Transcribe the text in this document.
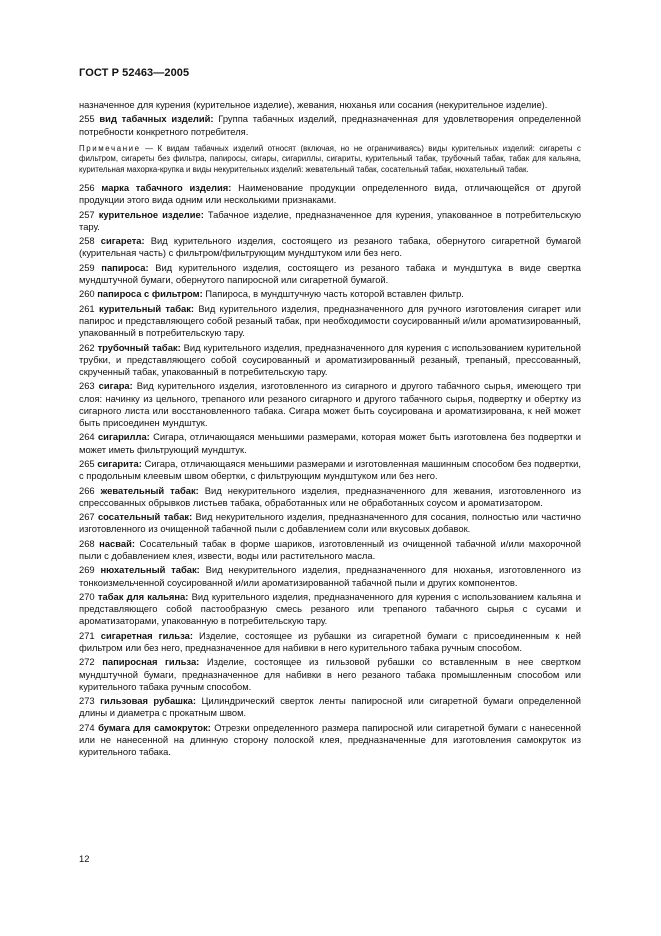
ГОСТ Р 52463—2005

назначенное для курения (курительное изделие), жевания, нюханья или сосания (некурительное изделие).

255 вид табачных изделий: Группа табачных изделий, предназначенная для удовлетворения определенной потребности конкретного потребителя.

Примечание — К видам табачных изделий относят (включая, но не ограничиваясь) виды курительных изделий: сигареты с фильтром, сигареты без фильтра, папиросы, сигары, сигариллы, сигариты, курительный табак, трубочный табак, табак для кальяна, курительная махорка-крупка и виды некурительных изделий: жевательный табак, сосательный табак, нюхательный табак.

256 марка табачного изделия: Наименование продукции определенного вида, отличающейся от другой продукции этого вида одним или несколькими признаками.

257 курительное изделие: Табачное изделие, предназначенное для курения, упакованное в потребительскую тару.

258 сигарета: Вид курительного изделия, состоящего из резаного табака, обернутого сигаретной бумагой (курительная часть) с фильтром/фильтрующим мундштуком или без него.

259 папироса: Вид курительного изделия, состоящего из резаного табака и мундштука в виде свертка мундштучной бумаги, обернутого папиросной или сигаретной бумагой.

260 папироса с фильтром: Папироса, в мундштучную часть которой вставлен фильтр.

261 курительный табак: Вид курительного изделия, предназначенного для ручного изготовления сигарет или папирос и представляющего собой резаный табак, при необходимости соусированный и/или ароматизированный, упакованный в потребительскую тару.

262 трубочный табак: Вид курительного изделия, предназначенного для курения с использованием курительной трубки, и представляющего собой соусированный и ароматизированный резаный, трепаный, прессованный, скрученный табак, упакованный в потребительскую тару.

263 сигара: Вид курительного изделия, изготовленного из сигарного и другого табачного сырья, имеющего три слоя: начинку из цельного, трепаного или резаного сигарного и другого табачного сырья, подвертку и обертку из сигарного листа или восстановленного табака. Сигара может быть соусирована и ароматизирована, к ней может быть присоединен мундштук.

264 сигарилла: Сигара, отличающаяся меньшими размерами, которая может быть изготовлена без подвертки и может иметь фильтрующий мундштук.

265 сигарита: Сигара, отличающаяся меньшими размерами и изготовленная машинным способом без подвертки, с продольным клеевым швом обертки, с фильтрующим мундштуком или без него.

266 жевательный табак: Вид некурительного изделия, предназначенного для жевания, изготовленного из спрессованных обрывков листьев табака, обработанных или не обработанных соусом и ароматизатором.

267 сосательный табак: Вид некурительного изделия, предназначенного для сосания, полностью или частично изготовленного из очищенной табачной пыли с добавлением соли или вкусовых добавок.

268 насвай: Сосательный табак в форме шариков, изготовленный из очищенной табачной и/или махорочной пыли с добавлением клея, извести, воды или растительного масла.

269 нюхательный табак: Вид некурительного изделия, предназначенного для нюханья, изготовленного из тонкоизмельченной соусированной и/или ароматизированной табачной пыли и других компонентов.

270 табак для кальяна: Вид курительного изделия, предназначенного для курения с использованием кальяна и представляющего собой пастообразную смесь резаного или трепаного табачного сырья с сусами и ароматизаторами, упакованную в потребительскую тару.

271 сигаретная гильза: Изделие, состоящее из рубашки из сигаретной бумаги с присоединенным к ней фильтром или без него, предназначенное для набивки в него курительного табака ручным способом.

272 папиросная гильза: Изделие, состоящее из гильзовой рубашки со вставленным в нее свертком мундштучной бумаги, предназначенное для набивки в него резаного табака промышленным способом или курительного табака ручным способом.

273 гильзовая рубашка: Цилиндрический сверток ленты папиросной или сигаретной бумаги определенной длины и диаметра с прокатным швом.

274 бумага для самокруток: Отрезки определенного размера папиросной или сигаретной бумаги с нанесенной или не нанесенной на длинную сторону полоской клея, предназначенные для изготовления самокруток из курительного табака.

12
